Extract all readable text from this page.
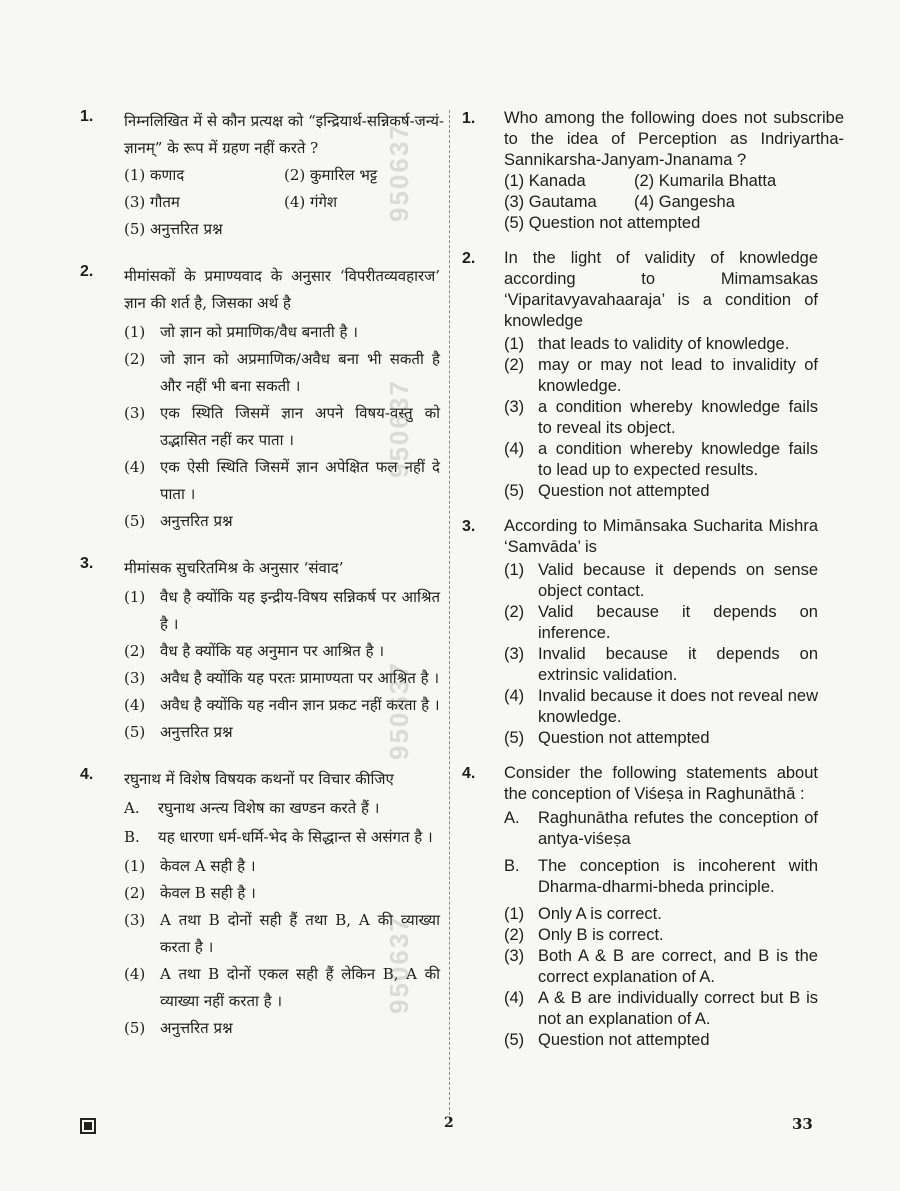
1.	निम्नलिखित में से कौन प्रत्यक्ष को “इन्द्रियार्थ-सन्निकर्ष-जन्यं-ज्ञानम्” के रूप में ग्रहण नहीं करते ?
(1) कणाद	(2) कुमारिल भट्ट
(3) गौतम	(4) गंगेश
(5) अनुत्तरित प्रश्न
2.	मीमांसकों के प्रमाण्यवाद के अनुसार ‘विपरीतव्यवहारज’ ज्ञान की शर्त है, जिसका अर्थ है
(1) जो ज्ञान को प्रमाणिक/वैध बनाती है ।
(2) जो ज्ञान को अप्रमाणिक/अवैध बना भी सकती है और नहीं भी बना सकती ।
(3) एक स्थिति जिसमें ज्ञान अपने विषय-वस्तु को उद्भासित नहीं कर पाता ।
(4) एक ऐसी स्थिति जिसमें ज्ञान अपेक्षित फल नहीं दे पाता ।
(5) अनुत्तरित प्रश्न
3.	मीमांसक सुचरितमिश्र के अनुसार ‘संवाद’
(1) वैध है क्योंकि यह इन्द्रीय-विषय सन्निकर्ष पर आश्रित है ।
(2) वैध है क्योंकि यह अनुमान पर आश्रित है ।
(3) अवैध है क्योंकि यह परतः प्रामाण्यता पर आश्रित है ।
(4) अवैध है क्योंकि यह नवीन ज्ञान प्रकट नहीं करता है ।
(5) अनुत्तरित प्रश्न
4.	रघुनाथ में विशेष विषयक कथनों पर विचार कीजिए
A.	रघुनाथ अन्त्य विशेष का खण्डन करते हैं ।
B.	यह धारणा धर्म-धर्मि-भेद के सिद्धान्त से असंगत है ।
(1) केवल A सही है ।
(2) केवल B सही है ।
(3) A तथा B दोनों सही हैं तथा B, A की व्याख्या करता है ।
(4) A तथा B दोनों एकल सही हैं लेकिन B, A की व्याख्या नहीं करता है ।
(5) अनुत्तरित प्रश्न
1.	Who among the following does not subscribe to the idea of Perception as Indriyartha-Sannikarsha-Janyam-Jnanama ?
(1) Kanada	(2) Kumarila Bhatta
(3) Gautama	(4) Gangesha
(5) Question not attempted
2.	In the light of validity of knowledge according to Mimamsakas ‘Viparitavyavahaaraja’ is a condition of knowledge
(1) that leads to validity of knowledge.
(2) may or may not lead to invalidity of knowledge.
(3) a condition whereby knowledge fails to reveal its object.
(4) a condition whereby knowledge fails to lead up to expected results.
(5) Question not attempted
3.	According to Mimānsaka Sucharita Mishra ‘Samvāda’ is
(1) Valid because it depends on sense object contact.
(2) Valid because it depends on inference.
(3) Invalid because it depends on extrinsic validation.
(4) Invalid because it does not reveal new knowledge.
(5) Question not attempted
4.	Consider the following statements about the conception of Viśeṣa in Raghunāthā :
A.	Raghunātha refutes the conception of antya-viśeṣa
B.	The conception is incoherent with Dharma-dharmi-bheda principle.
(1) Only A is correct.
(2) Only B is correct.
(3) Both A & B are correct, and B is the correct explanation of A.
(4) A & B are individually correct but B is not an explanation of A.
(5) Question not attempted
950637
950637
950637
950637
2	33
